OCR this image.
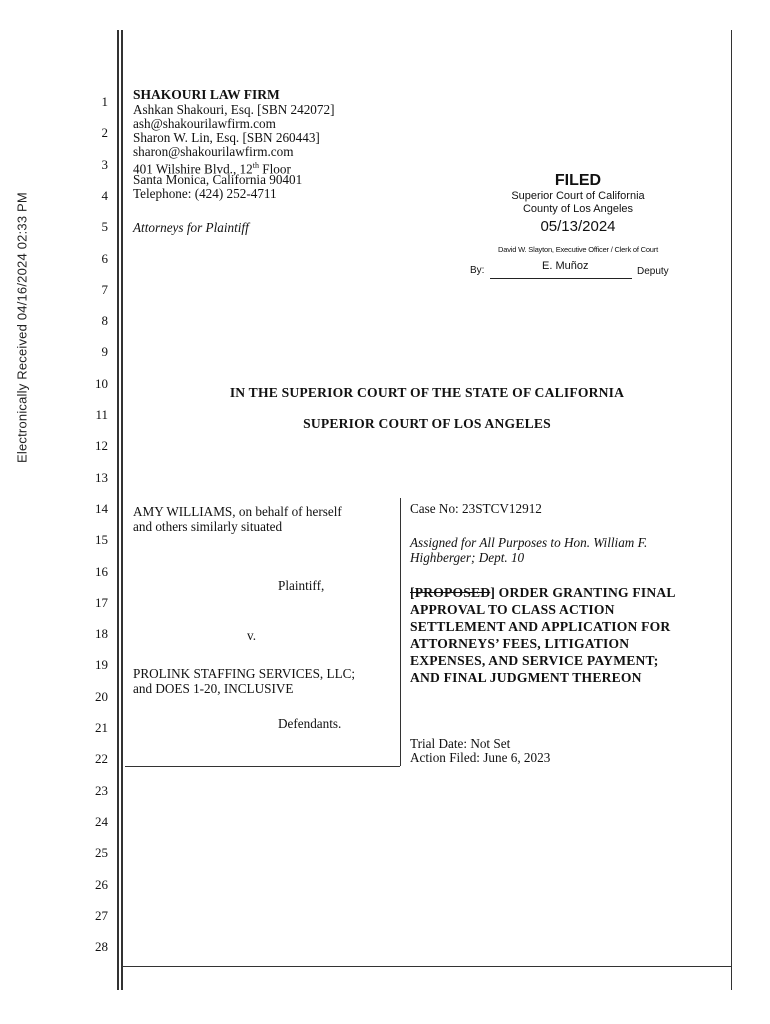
Electronically Received 04/16/2024 02:33 PM
1
2
3
4
5
6
7
8
9
10
11
12
13
14
15
16
17
18
19
20
21
22
23
24
25
26
27
28
SHAKOURI LAW FIRM
Ashkan Shakouri, Esq. [SBN 242072]
ash@shakourilawfirm.com
Sharon W. Lin, Esq. [SBN 260443]
sharon@shakourilawfirm.com
401 Wilshire Blvd., 12th Floor
Santa Monica, California 90401
Telephone: (424) 252-4711
Attorneys for Plaintiff
FILED
Superior Court of California
County of Los Angeles
05/13/2024
David W. Slayton, Executive Officer / Clerk of Court
By:	E. Muñoz	Deputy
IN THE SUPERIOR COURT OF THE STATE OF CALIFORNIA
SUPERIOR COURT OF LOS ANGELES
AMY WILLIAMS, on behalf of herself
and others similarly situated
Plaintiff,
v.
PROLINK STAFFING SERVICES, LLC;
and DOES 1-20, INCLUSIVE
Defendants.
Case No: 23STCV12912
Assigned for All Purposes to Hon. William F.
Highberger; Dept. 10
[PROPOSED] ORDER GRANTING FINAL
APPROVAL TO CLASS ACTION
SETTLEMENT AND APPLICATION FOR
ATTORNEYS’ FEES, LITIGATION
EXPENSES, AND SERVICE PAYMENT;
AND FINAL JUDGMENT THEREON
Trial Date: Not Set
Action Filed: June 6, 2023
